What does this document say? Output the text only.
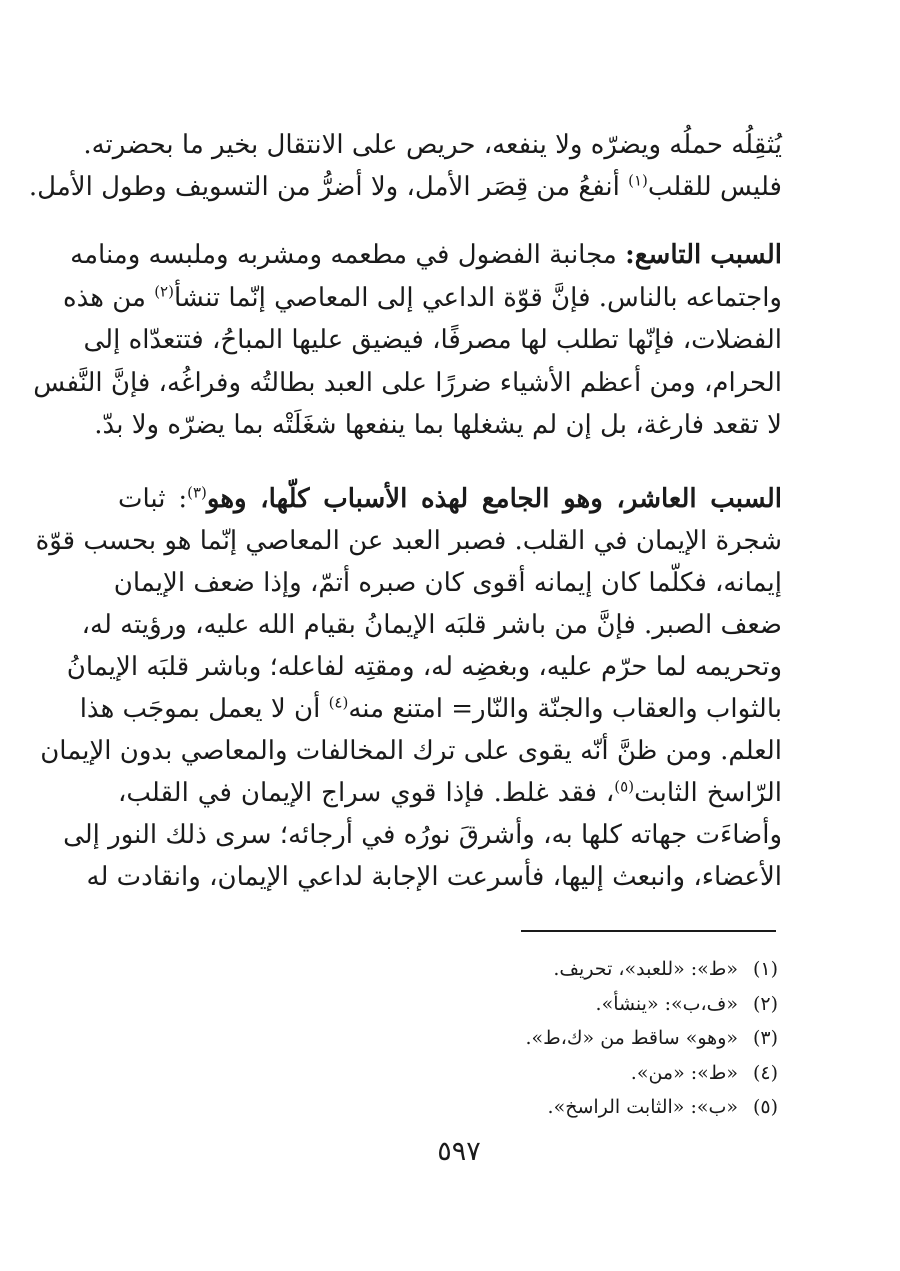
يُثقِلُه حملُه ويضرّه ولا ينفعه، حريص على الانتقال بخير ما بحضرته.
فليس للقلب$^{(١)}$ أنفعُ من قِصَر الأمل، ولا أضرُّ من التسويف وطول الأمل.
السبب التاسع: مجانبة الفضول في مطعمه ومشربه وملبسه ومنامه
واجتماعه بالناس. فإنَّ قوّة الداعي إلى المعاصي إنّما تنشأ$^{(٢)}$ من هذه
الفضلات، فإنّها تطلب لها مصرفًا، فيضيق عليها المباحُ، فتتعدّاه إلى
الحرام، ومن أعظم الأشياء ضررًا على العبد بطالتُه وفراغُه، فإنَّ النَّفس
لا تقعد فارغة، بل إن لم يشغلها بما ينفعها شغَلَتْه بما يضرّه ولا بدّ.
السبب العاشر، وهو الجامع لهذه الأسباب كلّها، وهو$^{(٣)}$: ثبات
شجرة الإيمان في القلب. فصبر العبد عن المعاصي إنّما هو بحسب قوّة
إيمانه، فكلّما كان إيمانه أقوى كان صبره أتمّ، وإذا ضعف الإيمان
ضعف الصبر. فإنَّ من باشر قلبَه الإيمانُ بقيام الله عليه، ورؤيته له،
وتحريمه لما حرّم عليه، وبغضِه له، ومقتِه لفاعله؛ وباشر قلبَه الإيمانُ
بالثواب والعقاب والجنّة والنّار= امتنع منه$^{(٤)}$ أن لا يعمل بموجَب هذا
العلم. ومن ظنَّ أنّه يقوى على ترك المخالفات والمعاصي بدون الإيمان
الرّاسخ الثابت$^{(٥)}$، فقد غلط. فإذا قوي سراج الإيمان في القلب،
وأضاءَت جهاته كلها به، وأشرقَ نورُه في أرجائه؛ سرى ذلك النور إلى
الأعضاء، وانبعث إليها، فأسرعت الإجابة لداعي الإيمان، وانقادت له
(١)«ط»: «للعبد»، تحريف.
(٢)«ف،ب»: «ينشأ».
(٣)«وهو» ساقط من «ك،ط».
(٤)«ط»: «من».
(٥)«ب»: «الثابت الراسخ».
٥٩٧
